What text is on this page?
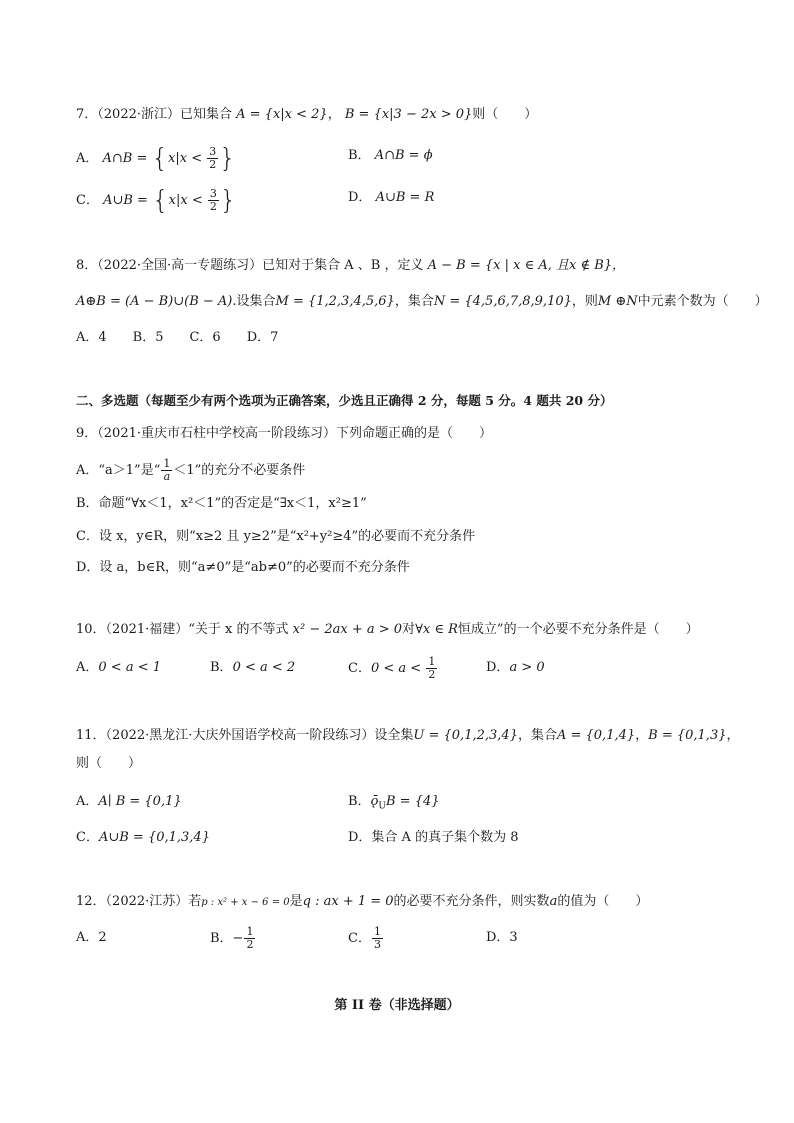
7．（2022·浙江）已知集合 A = {x|x < 2}， B = {x|3 − 2x > 0}则（　　）
A． A∩B = {$x|x < \frac{3}{2}$ }	B． A∩B = ϕ
C． A∪B = {$x|x < \frac{3}{2}$ }	D． A∪B = R
8．（2022·全国·高一专题练习）已知对于集合 A 、B ，定义 A − B = {x | x ∈ A, 且x ∉ B}，
A⊕B = (A − B)∪(B − A).设集合M = {1,2,3,4,5,6}，集合N = {4,5,6,7,8,9,10}，则M ⊕N中元素个数为（　　）
A．4　　B．5　　C．6　　D．7
二、多选题（每题至少有两个选项为正确答案，少选且正确得 2 分，每题 5 分。4 题共 20 分）
9．（2021·重庆市石柱中学校高一阶段练习）下列命题正确的是（　　）
A．“a＞1”是“ $\frac{1}{a} <1$”的充分不必要条件
B．命题“∀x＜1，x²＜1”的否定是“∃x＜1，x²≥1”
C．设 x，y∈R，则“x≥2 且 y≥2”是“x²+y²≥4”的必要而不充分条件
D．设 a，b∈R，则“a≠0”是“ab≠0”的必要而不充分条件
10．（2021·福建）“关于 x 的不等式 x² − 2ax + a > 0对∀x ∈ R恒成立”的一个必要不充分条件是（　　）
A．0 < a < 1	B．0 < a < 2	C．$0 < a < \frac{1}{2}$	D．a > 0
11．（2022·黑龙江·大庆外国语学校高一阶段练习）设全集U = {0,1,2,3,4}，集合A = {0,1,4}，B = {0,1,3}，
则（　　）
A．A∣ B = {0,1}	B．$ǭ_UB = \{4\}$
C．A∪B = {0,1,3,4}	D．集合 A 的真子集个数为 8
12．（2022·江苏）若p : x² + x − 6 = 0是q : ax + 1 = 0的必要不充分条件，则实数a的值为（　　）
A．2	B．− $\frac{1}{2}$	C． $\frac{1}{3}$	D．3
第 II 卷（非选择题）
